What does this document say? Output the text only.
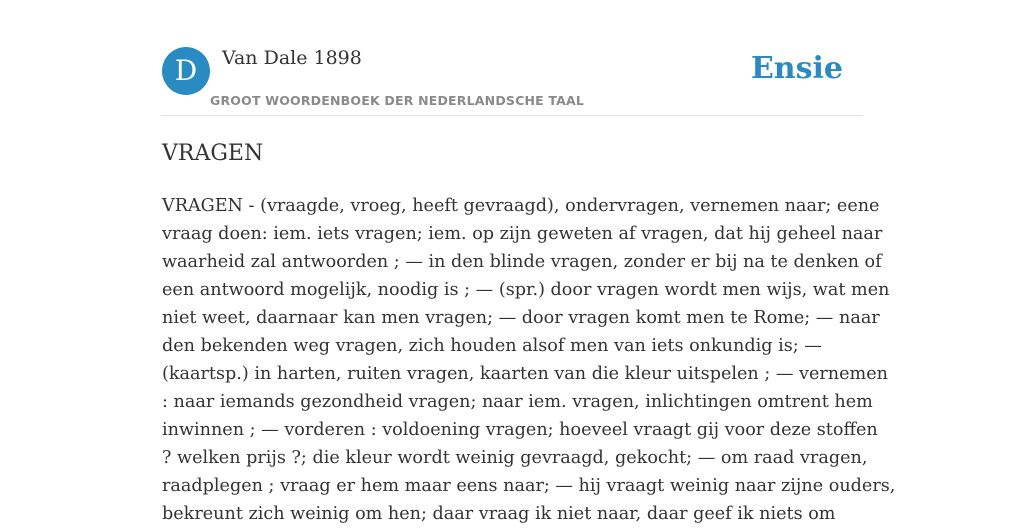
D	Van Dale 1898
GROOT WOORDENBOEK DER NEDERLANDSCHE TAAL
Ensie
VRAGEN
VRAGEN - (vraagde, vroeg, heeft gevraagd), ondervragen, vernemen naar; eene
vraag doen: iem. iets vragen; iem. op zijn geweten af vragen, dat hij geheel naar
waarheid zal antwoorden ; — in den blinde vragen, zonder er bij na te denken of
een antwoord mogelijk, noodig is ; — (spr.) door vragen wordt men wijs, wat men
niet weet, daarnaar kan men vragen; — door vragen komt men te Rome; — naar
den bekenden weg vragen, zich houden alsof men van iets onkundig is; —
(kaartsp.) in harten, ruiten vragen, kaarten van die kleur uitspelen ; — vernemen
: naar iemands gezondheid vragen; naar iem. vragen, inlichtingen omtrent hem
inwinnen ; — vorderen : voldoening vragen; hoeveel vraagt gij voor deze stoffen
? welken prijs ?; die kleur wordt weinig gevraagd, gekocht; — om raad vragen,
raadplegen ; vraag er hem maar eens naar; — hij vraagt weinig naar zijne ouders,
bekreunt zich weinig om hen; daar vraag ik niet naar, daar geef ik niets om
